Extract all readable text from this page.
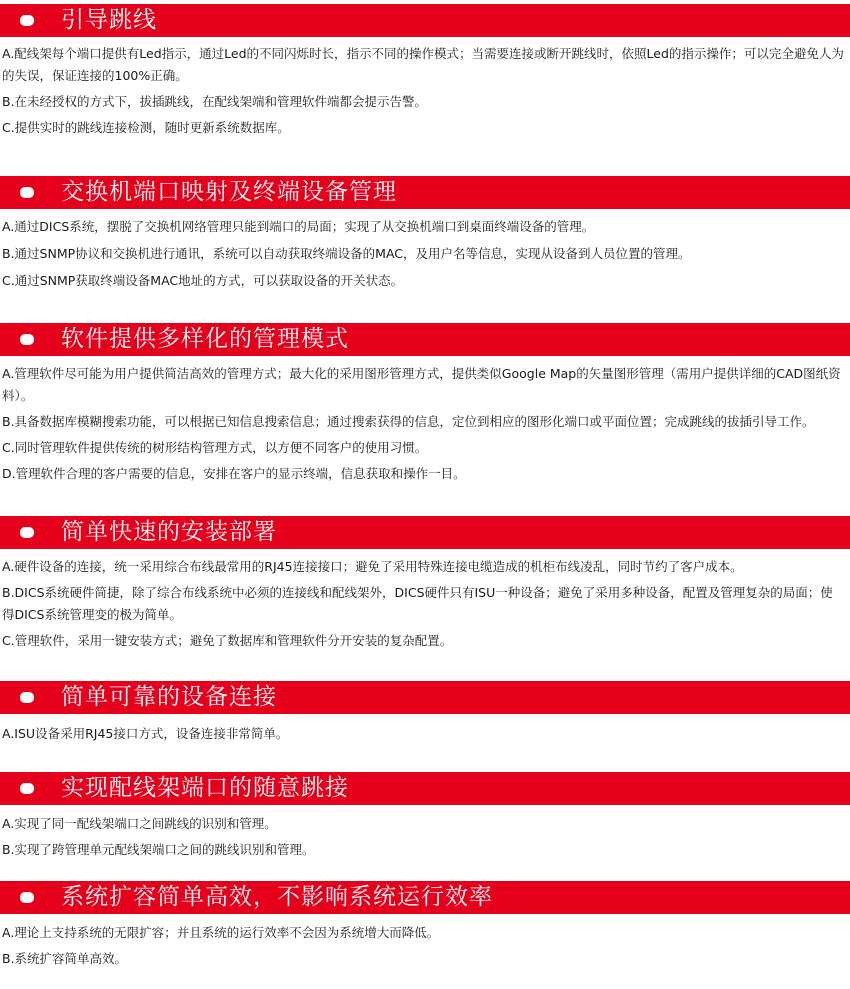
引导跳线
A.配线架每个端口提供有Led指示，通过Led的不同闪烁时长，指示不同的操作模式；当需要连接或断开跳线时，依照Led的指示操作；可以完全避免人为的失误，保证连接的100%正确。
B.在未经授权的方式下，拔插跳线，在配线架端和管理软件端都会提示告警。
C.提供实时的跳线连接检测，随时更新系统数据库。
交换机端口映射及终端设备管理
A.通过DICS系统，摆脱了交换机网络管理只能到端口的局面；实现了从交换机端口到桌面终端设备的管理。
B.通过SNMP协议和交换机进行通讯，系统可以自动获取终端设备的MAC，及用户名等信息，实现从设备到人员位置的管理。
C.通过SNMP获取终端设备MAC地址的方式，可以获取设备的开关状态。
软件提供多样化的管理模式
A.管理软件尽可能为用户提供简洁高效的管理方式；最大化的采用图形管理方式，提供类似Google Map的矢量图形管理（需用户提供详细的CAD图纸资料）。
B.具备数据库模糊搜索功能，可以根据已知信息搜索信息；通过搜索获得的信息，定位到相应的图形化端口或平面位置；完成跳线的拔插引导工作。
C.同时管理软件提供传统的树形结构管理方式，以方便不同客户的使用习惯。
D.管理软件合理的客户需要的信息，安排在客户的显示终端，信息获取和操作一目。
简单快速的安装部署
A.硬件设备的连接，统一采用综合布线最常用的RJ45连接接口；避免了采用特殊连接电缆造成的机柜布线凌乱，同时节约了客户成本。
B.DICS系统硬件简捷，除了综合布线系统中必须的连接线和配线架外，DICS硬件只有ISU一种设备；避免了采用多种设备，配置及管理复杂的局面；使得DICS系统管理变的极为简单。
C.管理软件，采用一键安装方式；避免了数据库和管理软件分开安装的复杂配置。
简单可靠的设备连接
A.ISU设备采用RJ45接口方式，设备连接非常简单。
实现配线架端口的随意跳接
A.实现了同一配线架端口之间跳线的识别和管理。
B.实现了跨管理单元配线架端口之间的跳线识别和管理。
系统扩容简单高效，不影响系统运行效率
A.理论上支持系统的无限扩容；并且系统的运行效率不会因为系统增大而降低。
B.系统扩容简单高效。
